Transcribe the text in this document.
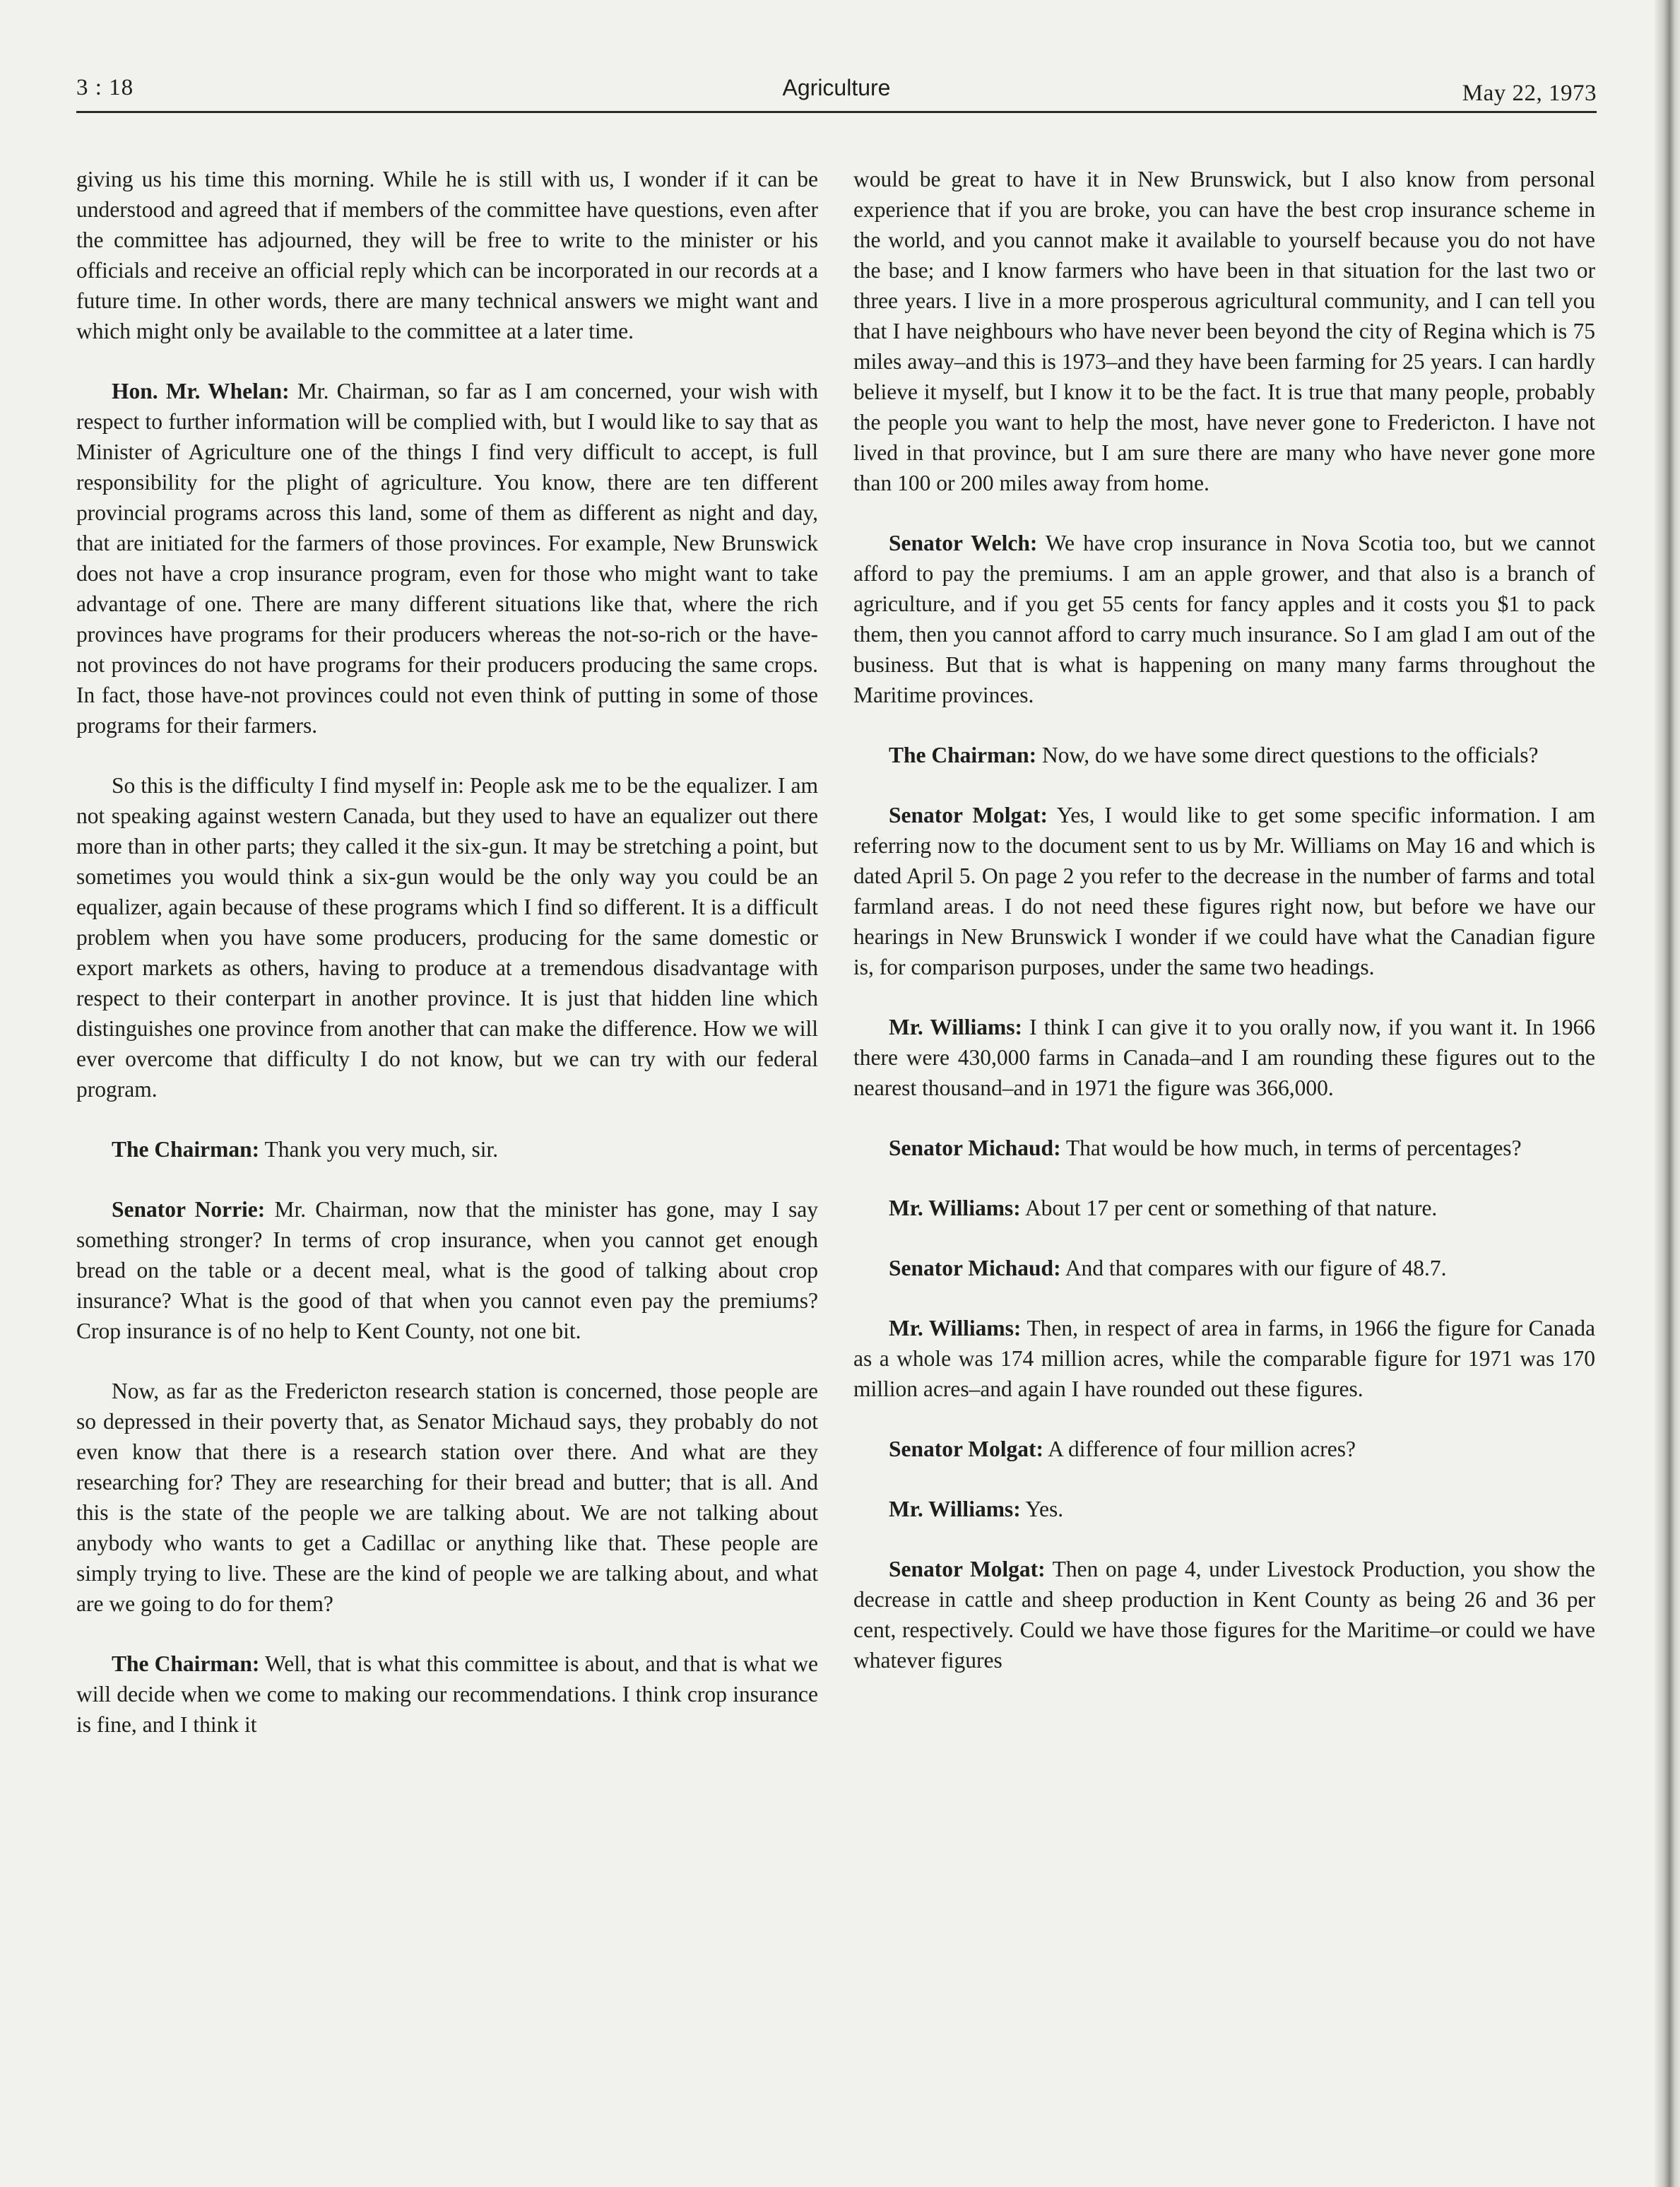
3 : 18	Agriculture	May 22, 1973

giving us his time this morning. While he is still with us, I wonder if it can be understood and agreed that if members of the committee have questions, even after the committee has adjourned, they will be free to write to the minister or his officials and receive an official reply which can be incorporated in our records at a future time. In other words, there are many technical answers we might want and which might only be available to the committee at a later time.

Hon. Mr. Whelan: Mr. Chairman, so far as I am concerned, your wish with respect to further information will be complied with, but I would like to say that as Minister of Agriculture one of the things I find very difficult to accept, is full responsibility for the plight of agriculture. You know, there are ten different provincial programs across this land, some of them as different as night and day, that are initiated for the farmers of those provinces. For example, New Brunswick does not have a crop insurance program, even for those who might want to take advantage of one. There are many different situations like that, where the rich provinces have programs for their producers whereas the not-so-rich or the have-not provinces do not have programs for their producers producing the same crops. In fact, those have-not provinces could not even think of putting in some of those programs for their farmers.

So this is the difficulty I find myself in: People ask me to be the equalizer. I am not speaking against western Canada, but they used to have an equalizer out there more than in other parts; they called it the six-gun. It may be stretching a point, but sometimes you would think a six-gun would be the only way you could be an equalizer, again because of these programs which I find so different. It is a difficult problem when you have some producers, producing for the same domestic or export markets as others, having to produce at a tremendous disadvantage with respect to their conterpart in another province. It is just that hidden line which distinguishes one province from another that can make the difference. How we will ever overcome that difficulty I do not know, but we can try with our federal program.

The Chairman: Thank you very much, sir.

Senator Norrie: Mr. Chairman, now that the minister has gone, may I say something stronger? In terms of crop insurance, when you cannot get enough bread on the table or a decent meal, what is the good of talking about crop insurance? What is the good of that when you cannot even pay the premiums? Crop insurance is of no help to Kent County, not one bit.

Now, as far as the Fredericton research station is concerned, those people are so depressed in their poverty that, as Senator Michaud says, they probably do not even know that there is a research station over there. And what are they researching for? They are researching for their bread and butter; that is all. And this is the state of the people we are talking about. We are not talking about anybody who wants to get a Cadillac or anything like that. These people are simply trying to live. These are the kind of people we are talking about, and what are we going to do for them?

The Chairman: Well, that is what this committee is about, and that is what we will decide when we come to making our recommendations. I think crop insurance is fine, and I think it

would be great to have it in New Brunswick, but I also know from personal experience that if you are broke, you can have the best crop insurance scheme in the world, and you cannot make it available to yourself because you do not have the base; and I know farmers who have been in that situation for the last two or three years. I live in a more prosperous agricultural community, and I can tell you that I have neighbours who have never been beyond the city of Regina which is 75 miles away–and this is 1973–and they have been farming for 25 years. I can hardly believe it myself, but I know it to be the fact. It is true that many people, probably the people you want to help the most, have never gone to Fredericton. I have not lived in that province, but I am sure there are many who have never gone more than 100 or 200 miles away from home.

Senator Welch: We have crop insurance in Nova Scotia too, but we cannot afford to pay the premiums. I am an apple grower, and that also is a branch of agriculture, and if you get 55 cents for fancy apples and it costs you $1 to pack them, then you cannot afford to carry much insurance. So I am glad I am out of the business. But that is what is happening on many many farms throughout the Maritime provinces.

The Chairman: Now, do we have some direct questions to the officials?

Senator Molgat: Yes, I would like to get some specific information. I am referring now to the document sent to us by Mr. Williams on May 16 and which is dated April 5. On page 2 you refer to the decrease in the number of farms and total farmland areas. I do not need these figures right now, but before we have our hearings in New Brunswick I wonder if we could have what the Canadian figure is, for comparison purposes, under the same two headings.

Mr. Williams: I think I can give it to you orally now, if you want it. In 1966 there were 430,000 farms in Canada–and I am rounding these figures out to the nearest thousand–and in 1971 the figure was 366,000.

Senator Michaud: That would be how much, in terms of percentages?

Mr. Williams: About 17 per cent or something of that nature.

Senator Michaud: And that compares with our figure of 48.7.

Mr. Williams: Then, in respect of area in farms, in 1966 the figure for Canada as a whole was 174 million acres, while the comparable figure for 1971 was 170 million acres–and again I have rounded out these figures.

Senator Molgat: A difference of four million acres?

Mr. Williams: Yes.

Senator Molgat: Then on page 4, under Livestock Production, you show the decrease in cattle and sheep production in Kent County as being 26 and 36 per cent, respectively. Could we have those figures for the Maritime–or could we have whatever figures
